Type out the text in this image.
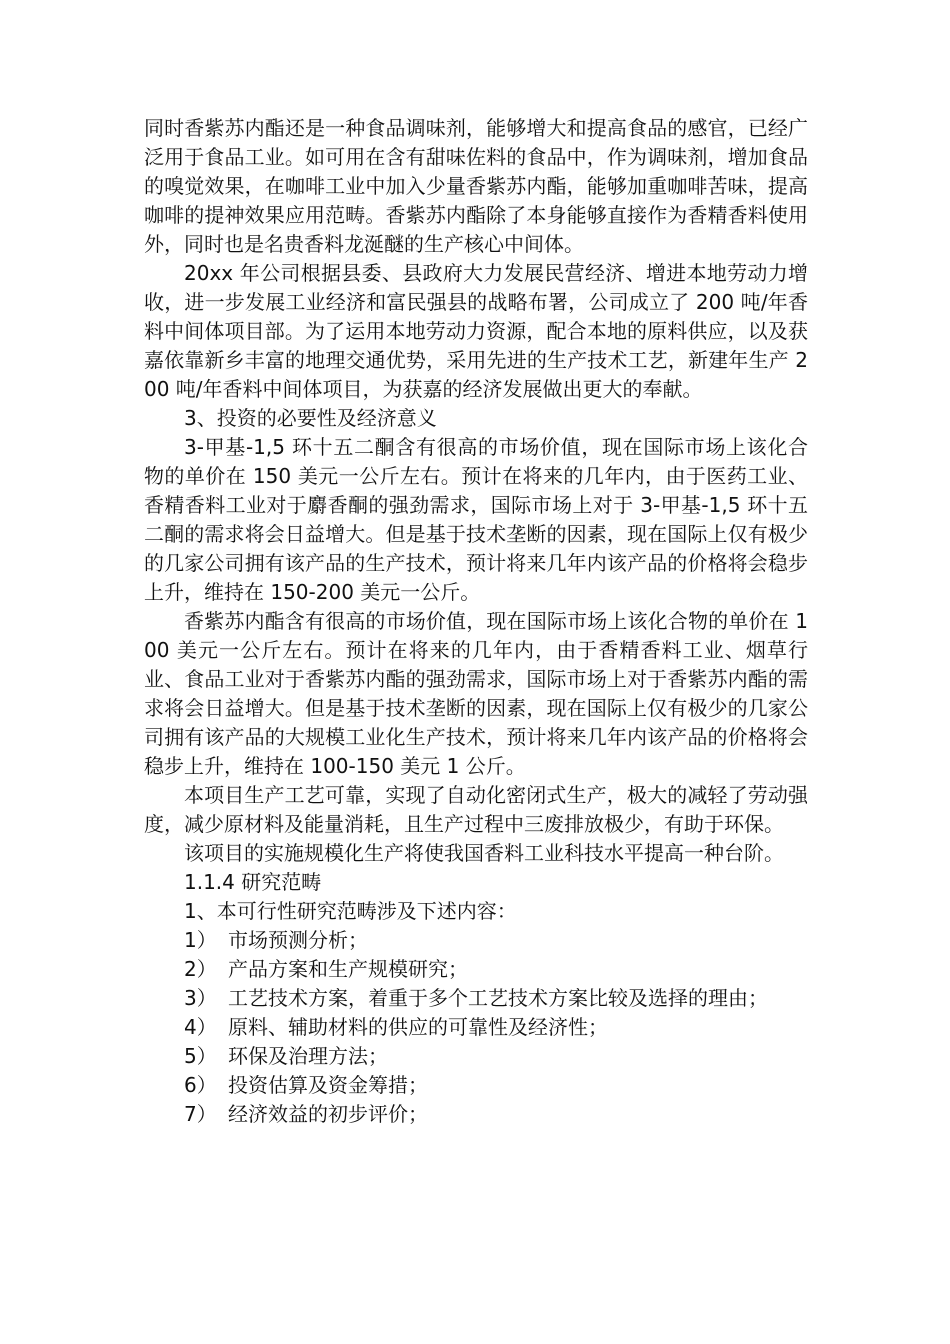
同时香紫苏内酯还是一种食品调味剂，能够增大和提高食品的感官，已经广泛用于食品工业。如可用在含有甜味佐料的食品中，作为调味剂，增加食品的嗅觉效果，在咖啡工业中加入少量香紫苏内酯，能够加重咖啡苦味，提高咖啡的提神效果应用范畴。香紫苏内酯除了本身能够直接作为香精香料使用外，同时也是名贵香料龙涎醚的生产核心中间体。

20xx 年公司根据县委、县政府大力发展民营经济、增进本地劳动力增收，进一步发展工业经济和富民强县的战略布署，公司成立了 200 吨/年香料中间体项目部。为了运用本地劳动力资源，配合本地的原料供应，以及获嘉依靠新乡丰富的地理交通优势，采用先进的生产技术工艺，新建年生产 200 吨/年香料中间体项目，为获嘉的经济发展做出更大的奉献。

3、投资的必要性及经济意义

3-甲基-1,5 环十五二酮含有很高的市场价值，现在国际市场上该化合物的单价在 150 美元一公斤左右。预计在将来的几年内，由于医药工业、香精香料工业对于麝香酮的强劲需求，国际市场上对于 3-甲基-1,5 环十五二酮的需求将会日益增大。但是基于技术垄断的因素，现在国际上仅有极少的几家公司拥有该产品的生产技术，预计将来几年内该产品的价格将会稳步上升，维持在 150-200 美元一公斤。

香紫苏内酯含有很高的市场价值，现在国际市场上该化合物的单价在 100 美元一公斤左右。预计在将来的几年内，由于香精香料工业、烟草行业、食品工业对于香紫苏内酯的强劲需求，国际市场上对于香紫苏内酯的需求将会日益增大。但是基于技术垄断的因素，现在国际上仅有极少的几家公司拥有该产品的大规模工业化生产技术，预计将来几年内该产品的价格将会稳步上升，维持在 100-150 美元 1 公斤。

本项目生产工艺可靠，实现了自动化密闭式生产，极大的减轻了劳动强度，减少原材料及能量消耗，且生产过程中三废排放极少，有助于环保。

该项目的实施规模化生产将使我国香料工业科技水平提高一种台阶。

1.1.4 研究范畴

1、本可行性研究范畴涉及下述内容：

1） 市场预测分析；
2） 产品方案和生产规模研究；
3） 工艺技术方案，着重于多个工艺技术方案比较及选择的理由；
4） 原料、辅助材料的供应的可靠性及经济性；
5） 环保及治理方法；
6） 投资估算及资金筹措；
7） 经济效益的初步评价；
